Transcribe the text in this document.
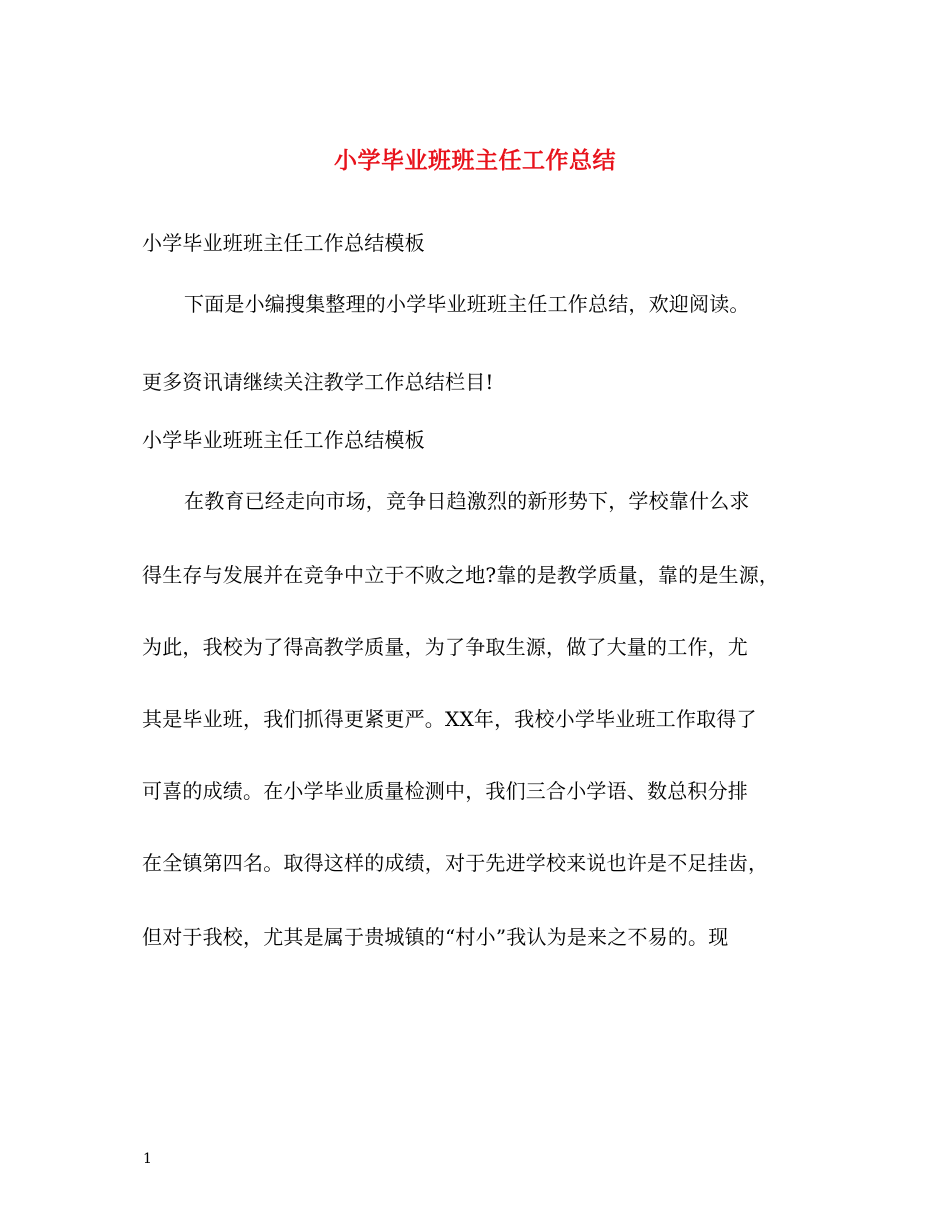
小学毕业班班主任工作总结
小学毕业班班主任工作总结模板
下面是小编搜集整理的小学毕业班班主任工作总结，欢迎阅读。
更多资讯请继续关注教学工作总结栏目!
小学毕业班班主任工作总结模板
在教育已经走向市场，竞争日趋激烈的新形势下，学校靠什么求
得生存与发展并在竞争中立于不败之地?靠的是教学质量，靠的是生源，
为此，我校为了得高教学质量，为了争取生源，做了大量的工作，尤
其是毕业班，我们抓得更紧更严。XX年，我校小学毕业班工作取得了
可喜的成绩。在小学毕业质量检测中，我们三合小学语、数总积分排
在全镇第四名。取得这样的成绩，对于先进学校来说也许是不足挂齿，
但对于我校，尤其是属于贵城镇的“村小”我认为是来之不易的。现
1
